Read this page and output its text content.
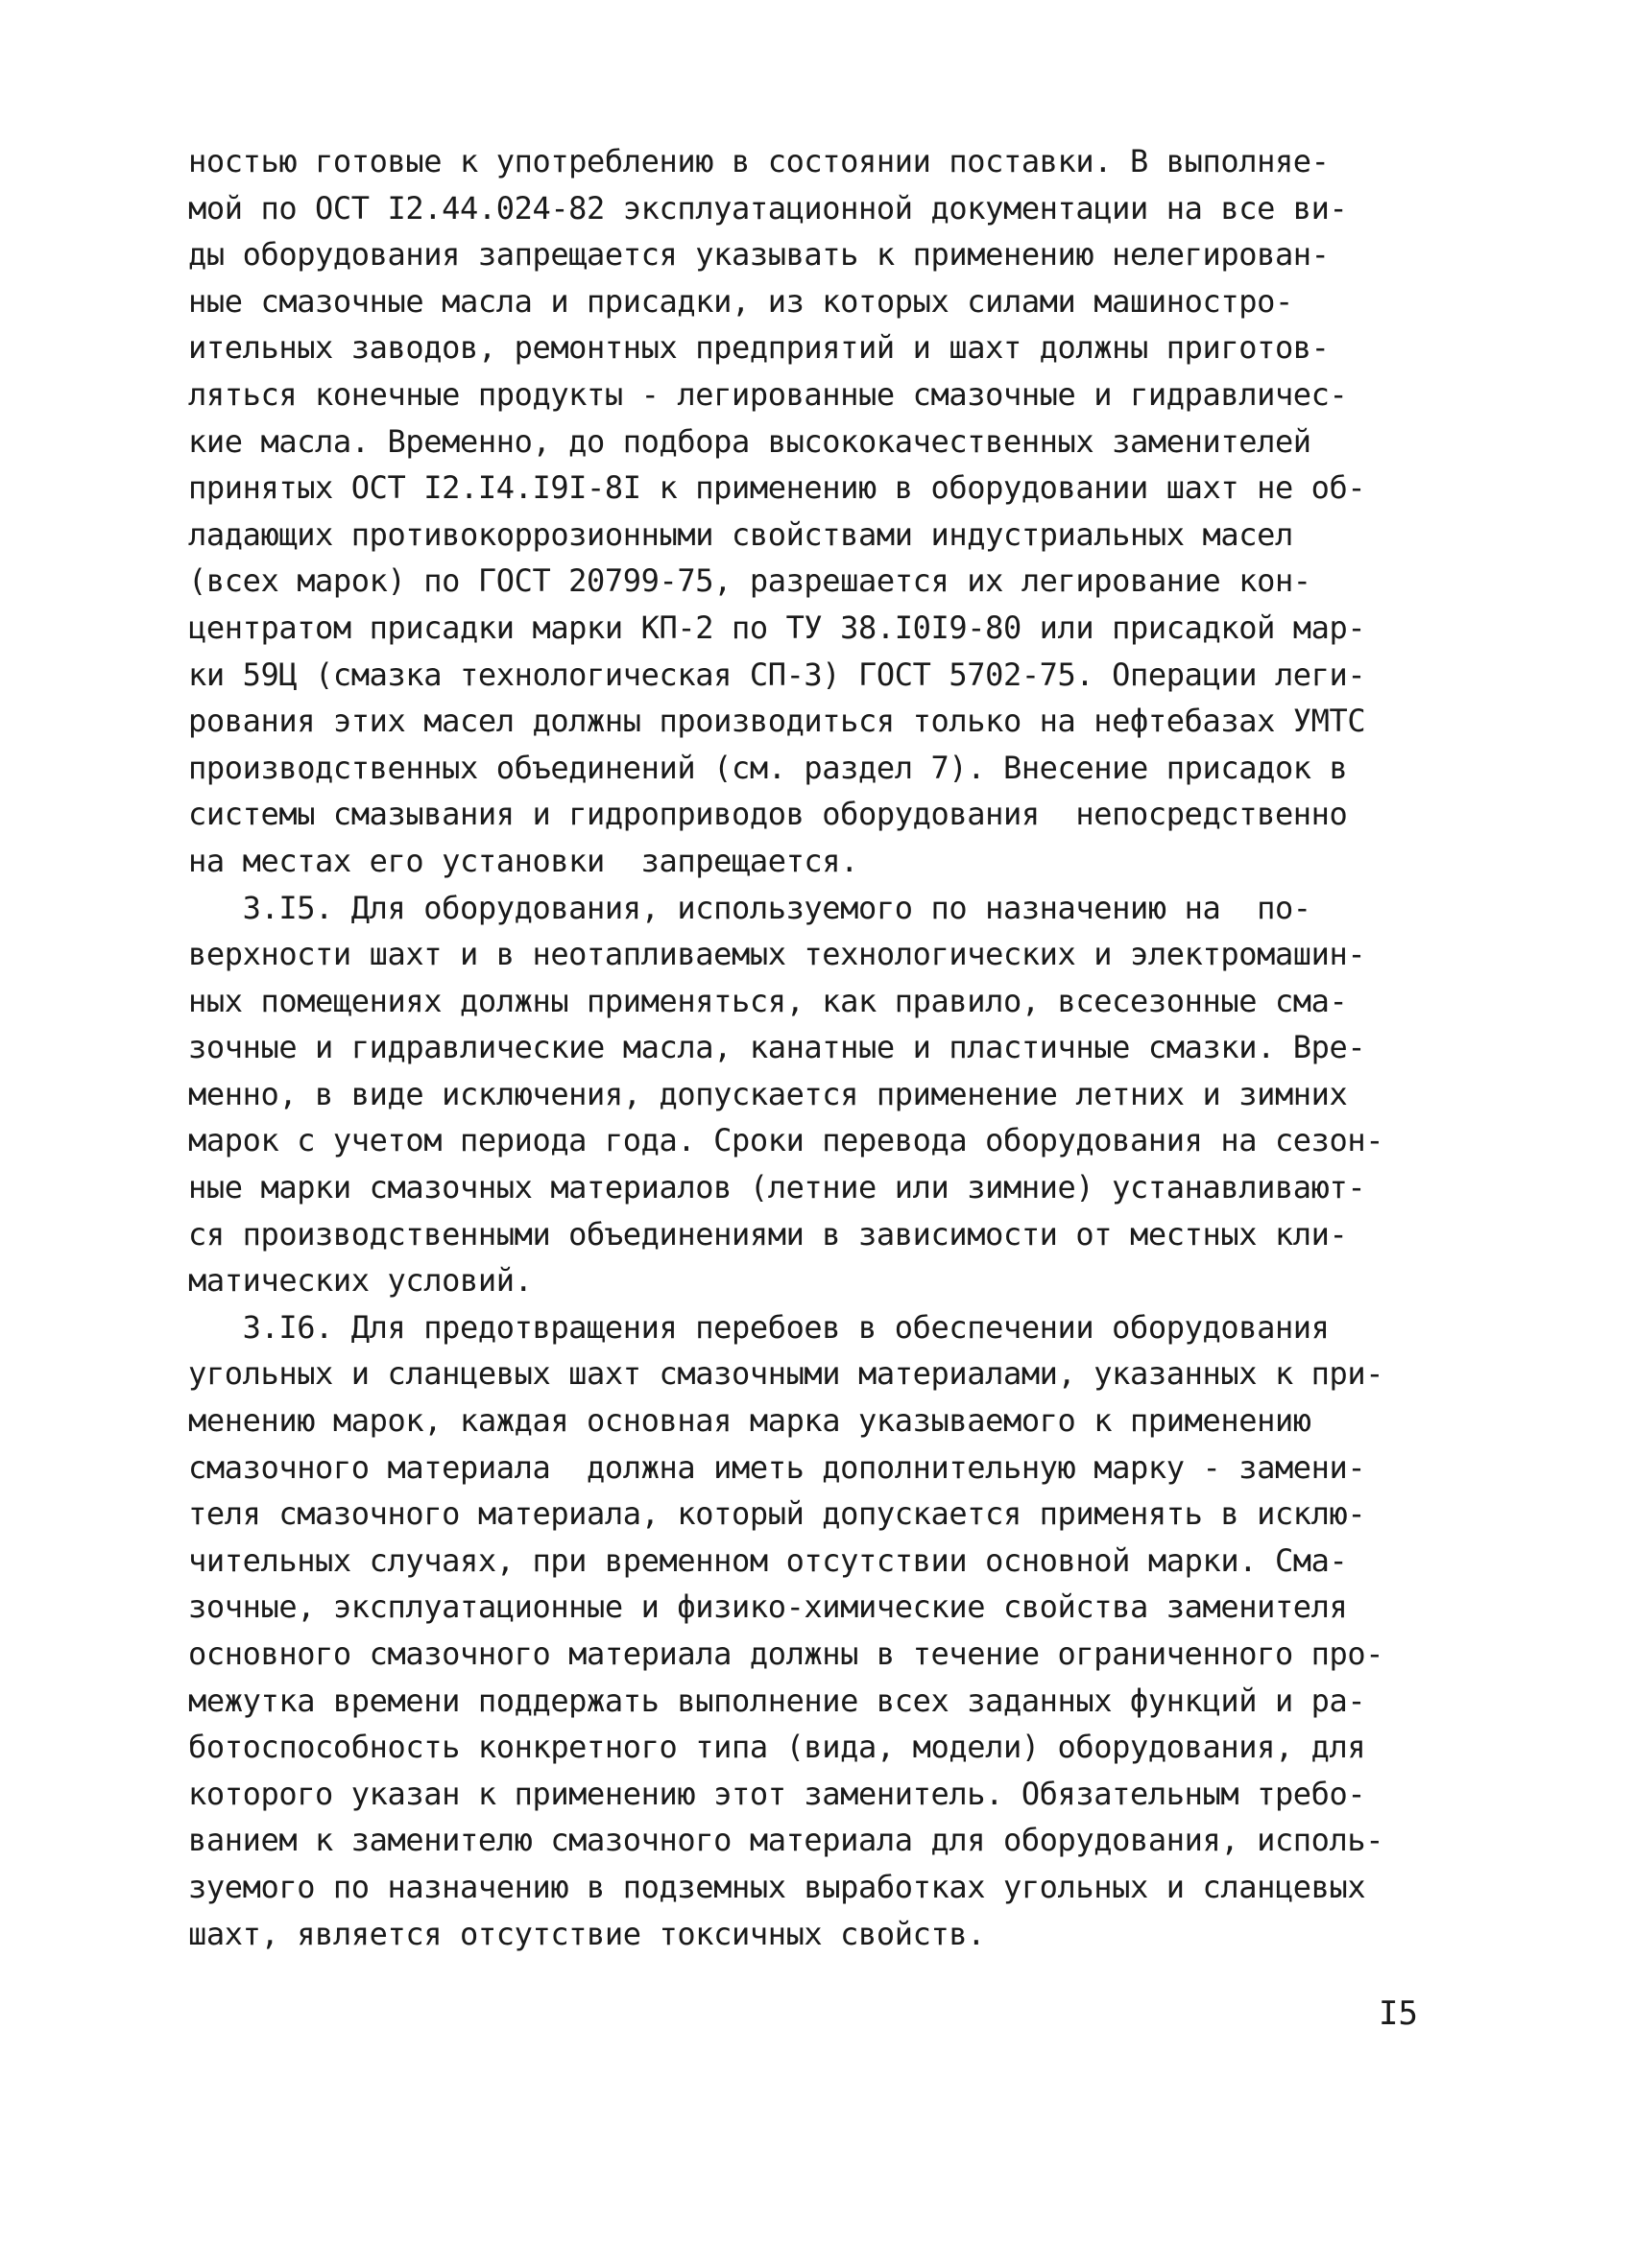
ностью готовые к употреблению в состоянии поставки. В выполняе-
мой по ОСТ I2.44.024-82 эксплуатационной документации на все ви-
ды оборудования запрещается указывать к применению нелегирован-
ные смазочные масла и присадки, из которых силами машиностро-
ительных заводов, ремонтных предприятий и шахт должны приготов-
ляться конечные продукты - легированные смазочные и гидравличес-
кие масла. Временно, до подбора высококачественных заменителей
принятых ОСТ I2.I4.I9I-8I к применению в оборудовании шахт не об-
ладающих противокоррозионными свойствами индустриальных масел
(всех марок) по ГОСТ 20799-75, разрешается их легирование кон-
центратом присадки марки КП-2 по ТУ 38.I0I9-80 или присадкой мар-
ки 59Ц (смазка технологическая СП-3) ГОСТ 5702-75. Операции леги-
рования этих масел должны производиться только на нефтебазах УМТС
производственных объединений (см. раздел 7). Внесение присадок в
системы смазывания и гидроприводов оборудования  непосредственно
на местах его установки  запрещается.
3.I5. Для оборудования, используемого по назначению на  по-
верхности шахт и в неотапливаемых технологических и электромашин-
ных помещениях должны применяться, как правило, всесезонные сма-
зочные и гидравлические масла, канатные и пластичные смазки. Вре-
менно, в виде исключения, допускается применение летних и зимних
марок с учетом периода года. Сроки перевода оборудования на сезон-
ные марки смазочных материалов (летние или зимние) устанавливают-
ся производственными объединениями в зависимости от местных кли-
матических условий.
3.I6. Для предотвращения перебоев в обеспечении оборудования
угольных и сланцевых шахт смазочными материалами, указанных к при-
менению марок, каждая основная марка указываемого к применению
смазочного материала  должна иметь дополнительную марку - замени-
теля смазочного материала, который допускается применять в исклю-
чительных случаях, при временном отсутствии основной марки. Сма-
зочные, эксплуатационные и физико-химические свойства заменителя
основного смазочного материала должны в течение ограниченного про-
межутка времени поддержать выполнение всех заданных функций и ра-
ботоспособность конкретного типа (вида, модели) оборудования, для
которого указан к применению этот заменитель. Обязательным требо-
ванием к заменителю смазочного материала для оборудования, исполь-
зуемого по назначению в подземных выработках угольных и сланцевых
шахт, является отсутствие токсичных свойств.
I5
